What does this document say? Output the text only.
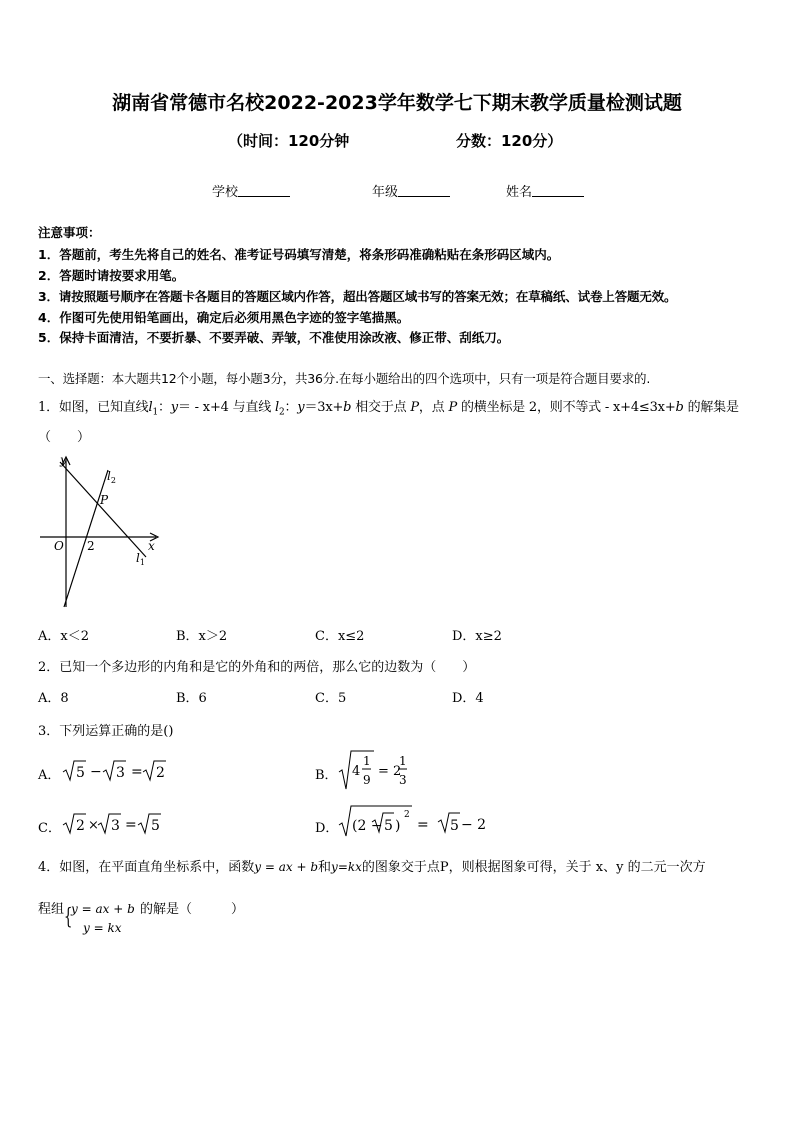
湖南省常德市名校2022-2023学年数学七下期末教学质量检测试题
（时间：120分钟	分数：120分）
学校	年级	姓名
注意事项：
1．答题前，考生先将自己的姓名、准考证号码填写清楚，将条形码准确粘贴在条形码区域内。
2．答题时请按要求用笔。
3．请按照题号顺序在答题卡各题目的答题区域内作答，超出答题区域书写的答案无效；在草稿纸、试卷上答题无效。
4．作图可先使用铅笔画出，确定后必须用黑色字迹的签字笔描黑。
5．保持卡面清洁，不要折暴、不要弄破、弄皱，不准使用涂改液、修正带、刮纸刀。
一、选择题：本大题共12个小题，每小题3分，共36分.在每小题给出的四个选项中，只有一项是符合题目要求的.
1．如图，已知直线$l_1$：y＝ - x+4 与直线 $l_2$：y＝3x+b 相交于点 P，点 P 的横坐标是 2，则不等式 - x+4≤3x+b 的解集是
（　　）
y
x
O 2
P
$l_2$
$l_1$
A．x＜2	B．x＞2	C．x≤2	D．x≥2
2．已知一个多边形的内角和是它的外角和的两倍，那么它的边数为（　　）
A．8	B．6	C．5	D．4
3．下列运算正确的是()
A． 5 − 3 = 2	B． 4
1
9
= 2
1
3
C． 2 × 3 = 5	D． (2 − 5 )
2
= 5 − 2
4．如图，在平面直角坐标系中，函数y = ax + b和y=kx的图象交于点P，则根据图象可得，关于 x、y 的二元一次方
程组 {
y = ax + b
y = kx
的解是（　　　）
